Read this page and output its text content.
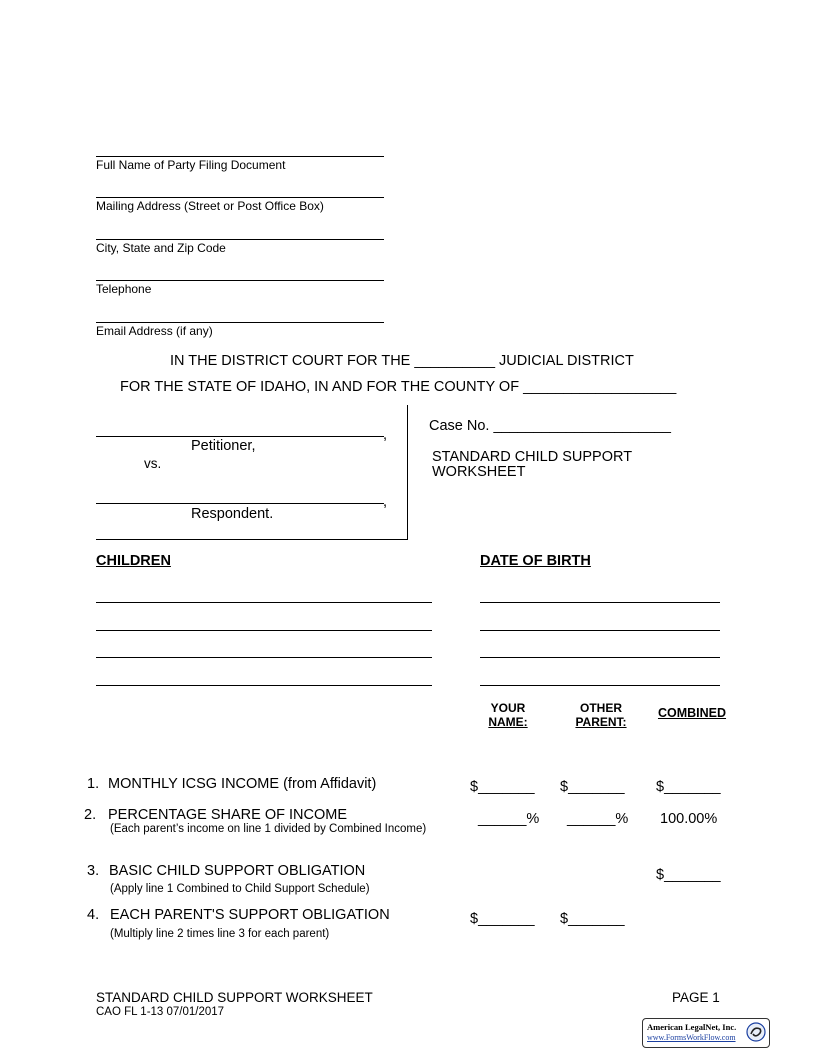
Full Name of Party Filing Document
Mailing Address (Street or Post Office Box)
City, State and Zip Code
Telephone
Email Address (if any)
IN THE DISTRICT COURT FOR THE __________ JUDICIAL DISTRICT
FOR THE STATE OF IDAHO, IN AND FOR THE COUNTY OF ___________________
,
Petitioner,
vs.
,
Respondent.
Case No. ______________________
STANDARD CHILD SUPPORT
WORKSHEET
CHILDREN	DATE OF BIRTH
YOUR
NAME:
OTHER
PARENT:
COMBINED
1. MONTHLY ICSG INCOME (from Affidavit)	$_______ $_______ $_______
2. PERCENTAGE SHARE OF INCOME
(Each parent’s income on line 1 divided by Combined Income)
______% ______% 100.00%
3. BASIC CHILD SUPPORT OBLIGATION
(Apply line 1 Combined to Child Support Schedule)
$_______
4. EACH PARENT'S SUPPORT OBLIGATION
(Multiply line 2 times line 3 for each parent)
$_______ $_______
STANDARD CHILD SUPPORT WORKSHEET
CAO FL 1-13 07/01/2017
PAGE 1
American LegalNet, Inc.
www.FormsWorkFlow.com
